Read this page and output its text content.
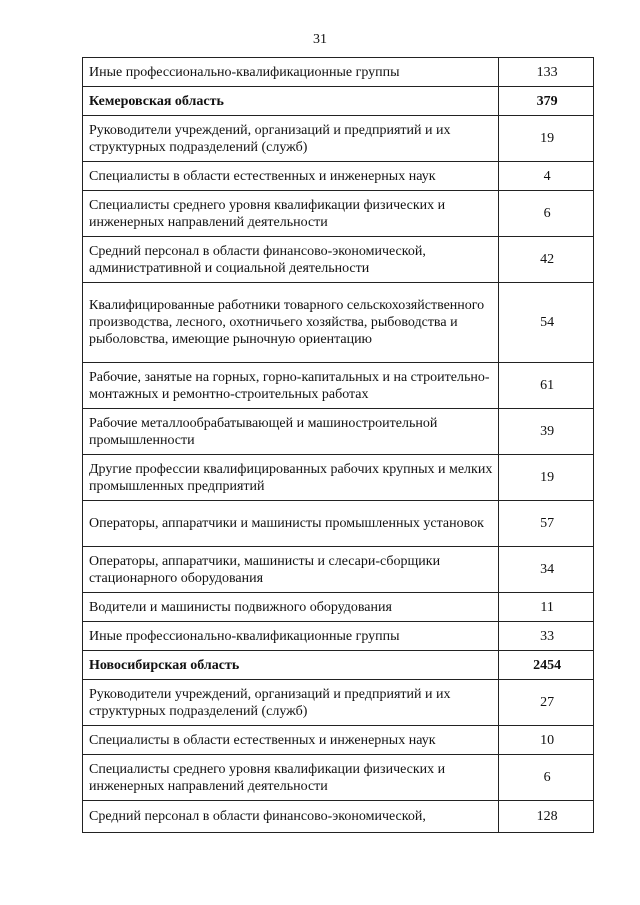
31
Иные профессионально-квалификационные группы	133
Кемеровская область	379
Руководители учреждений, организаций и предприятий и их структурных подразделений (служб)	19
Специалисты в области естественных и инженерных наук	4
Специалисты среднего уровня квалификации физических и инженерных направлений деятельности	6
Средний персонал в области финансово-экономической, административной и социальной деятельности	42
Квалифицированные работники товарного сельскохозяйственного производства, лесного, охотничьего хозяйства, рыбоводства и рыболовства, имеющие рыночную ориентацию	54
Рабочие, занятые на горных, горно-капитальных и на строительно-монтажных и ремонтно-строительных работах	61
Рабочие металлообрабатывающей и машиностроительной промышленности	39
Другие профессии квалифицированных рабочих крупных и мелких промышленных предприятий	19
Операторы, аппаратчики и машинисты промышленных установок	57
Операторы, аппаратчики, машинисты и слесари-сборщики стационарного оборудования	34
Водители и машинисты подвижного оборудования	11
Иные профессионально-квалификационные группы	33
Новосибирская область	2454
Руководители учреждений, организаций и предприятий и их структурных подразделений (служб)	27
Специалисты в области естественных и инженерных наук	10
Специалисты среднего уровня квалификации физических и инженерных направлений деятельности	6
Средний персонал в области финансово-экономической,	128
